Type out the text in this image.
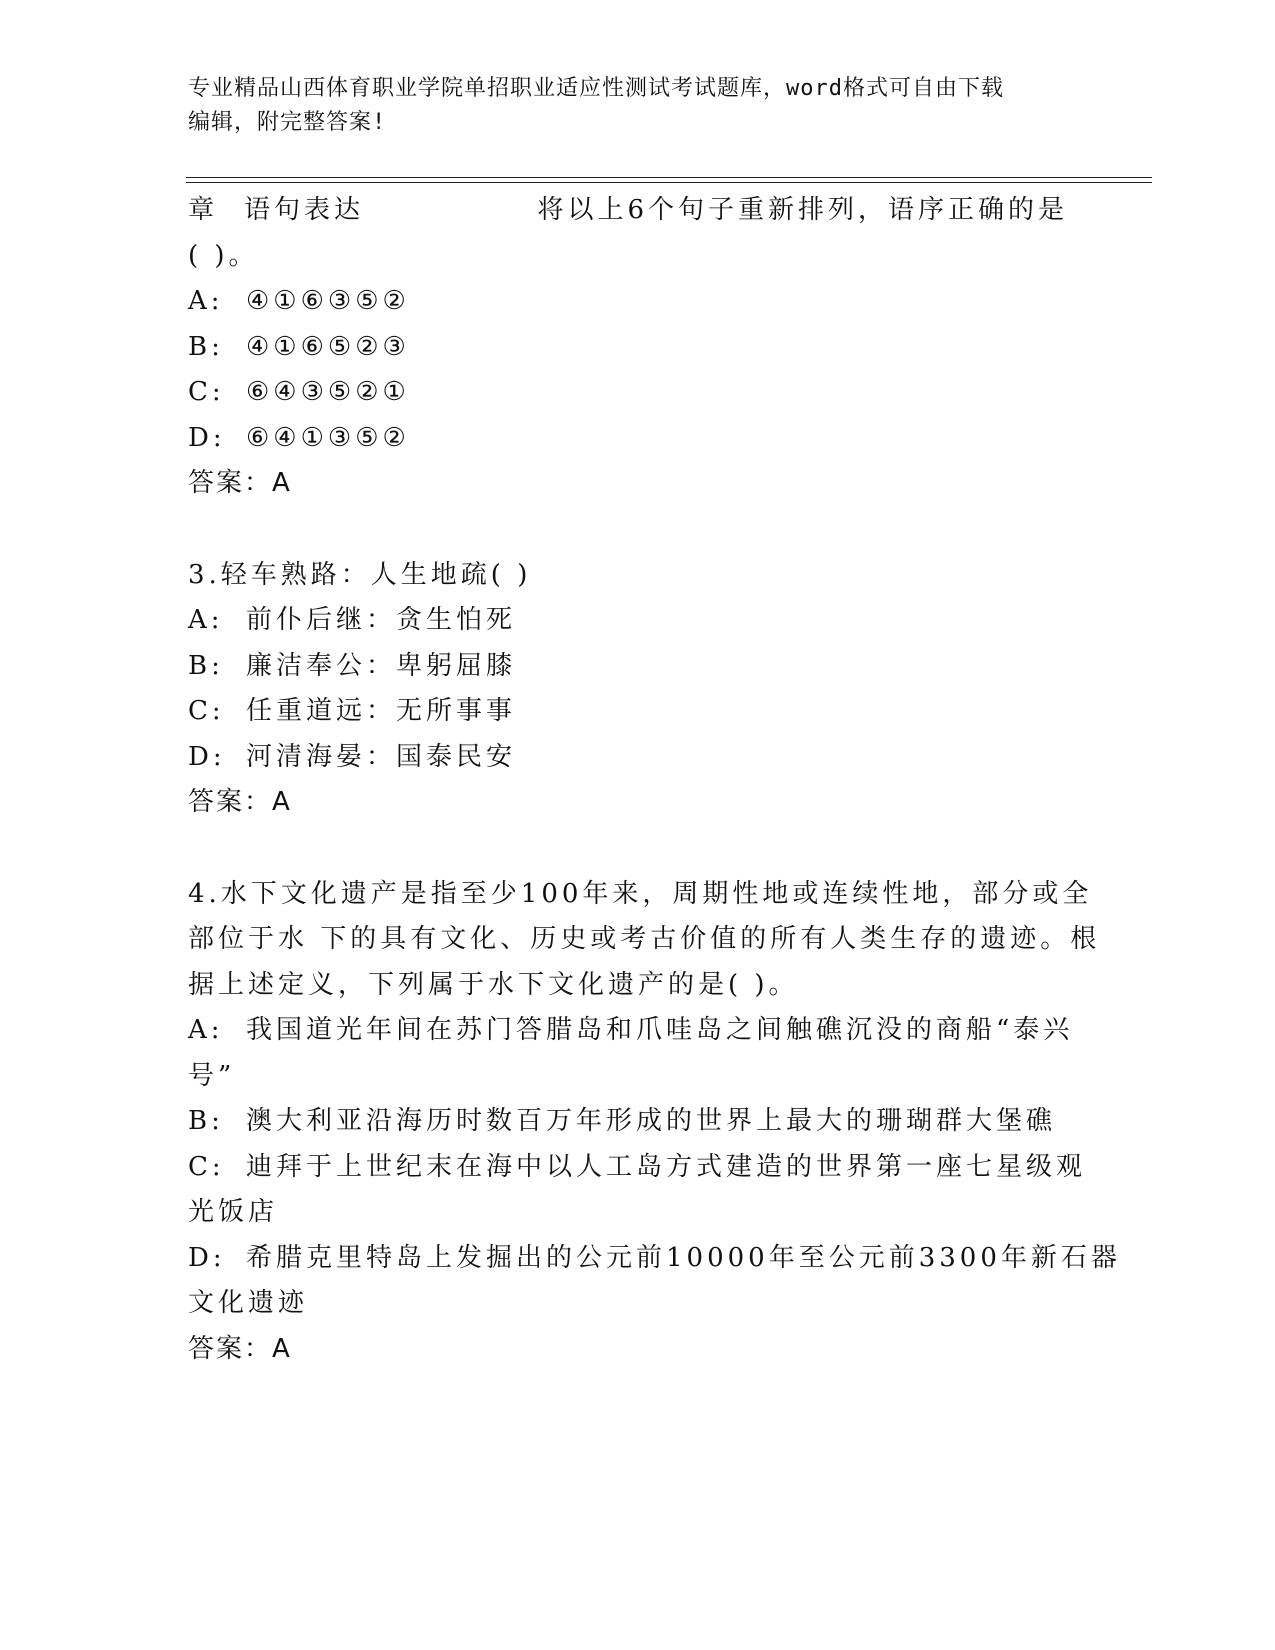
专业精品山西体育职业学院单招职业适应性测试考试题库，word格式可自由下载
编辑，附完整答案!
章 语句表达	将以上6个句子重新排列，语序正确的是
( )。
A: ④①⑥③⑤②
B: ④①⑥⑤②③
C: ⑥④③⑤②①
D: ⑥④①③⑤②
答案：A
3.轻车熟路：人生地疏( )
A: 前仆后继：贪生怕死
B: 廉洁奉公：卑躬屈膝
C: 任重道远：无所事事
D: 河清海晏：国泰民安
答案：A
4.水下文化遗产是指至少100年来，周期性地或连续性地，部分或全
部位于水 下的具有文化、历史或考古价值的所有人类生存的遗迹。根
据上述定义，下列属于水下文化遗产的是( )。
A: 我国道光年间在苏门答腊岛和爪哇岛之间触礁沉没的商船“泰兴
号”
B: 澳大利亚沿海历时数百万年形成的世界上最大的珊瑚群大堡礁
C: 迪拜于上世纪末在海中以人工岛方式建造的世界第一座七星级观
光饭店
D: 希腊克里特岛上发掘出的公元前10000年至公元前3300年新石器
文化遗迹
答案：A
